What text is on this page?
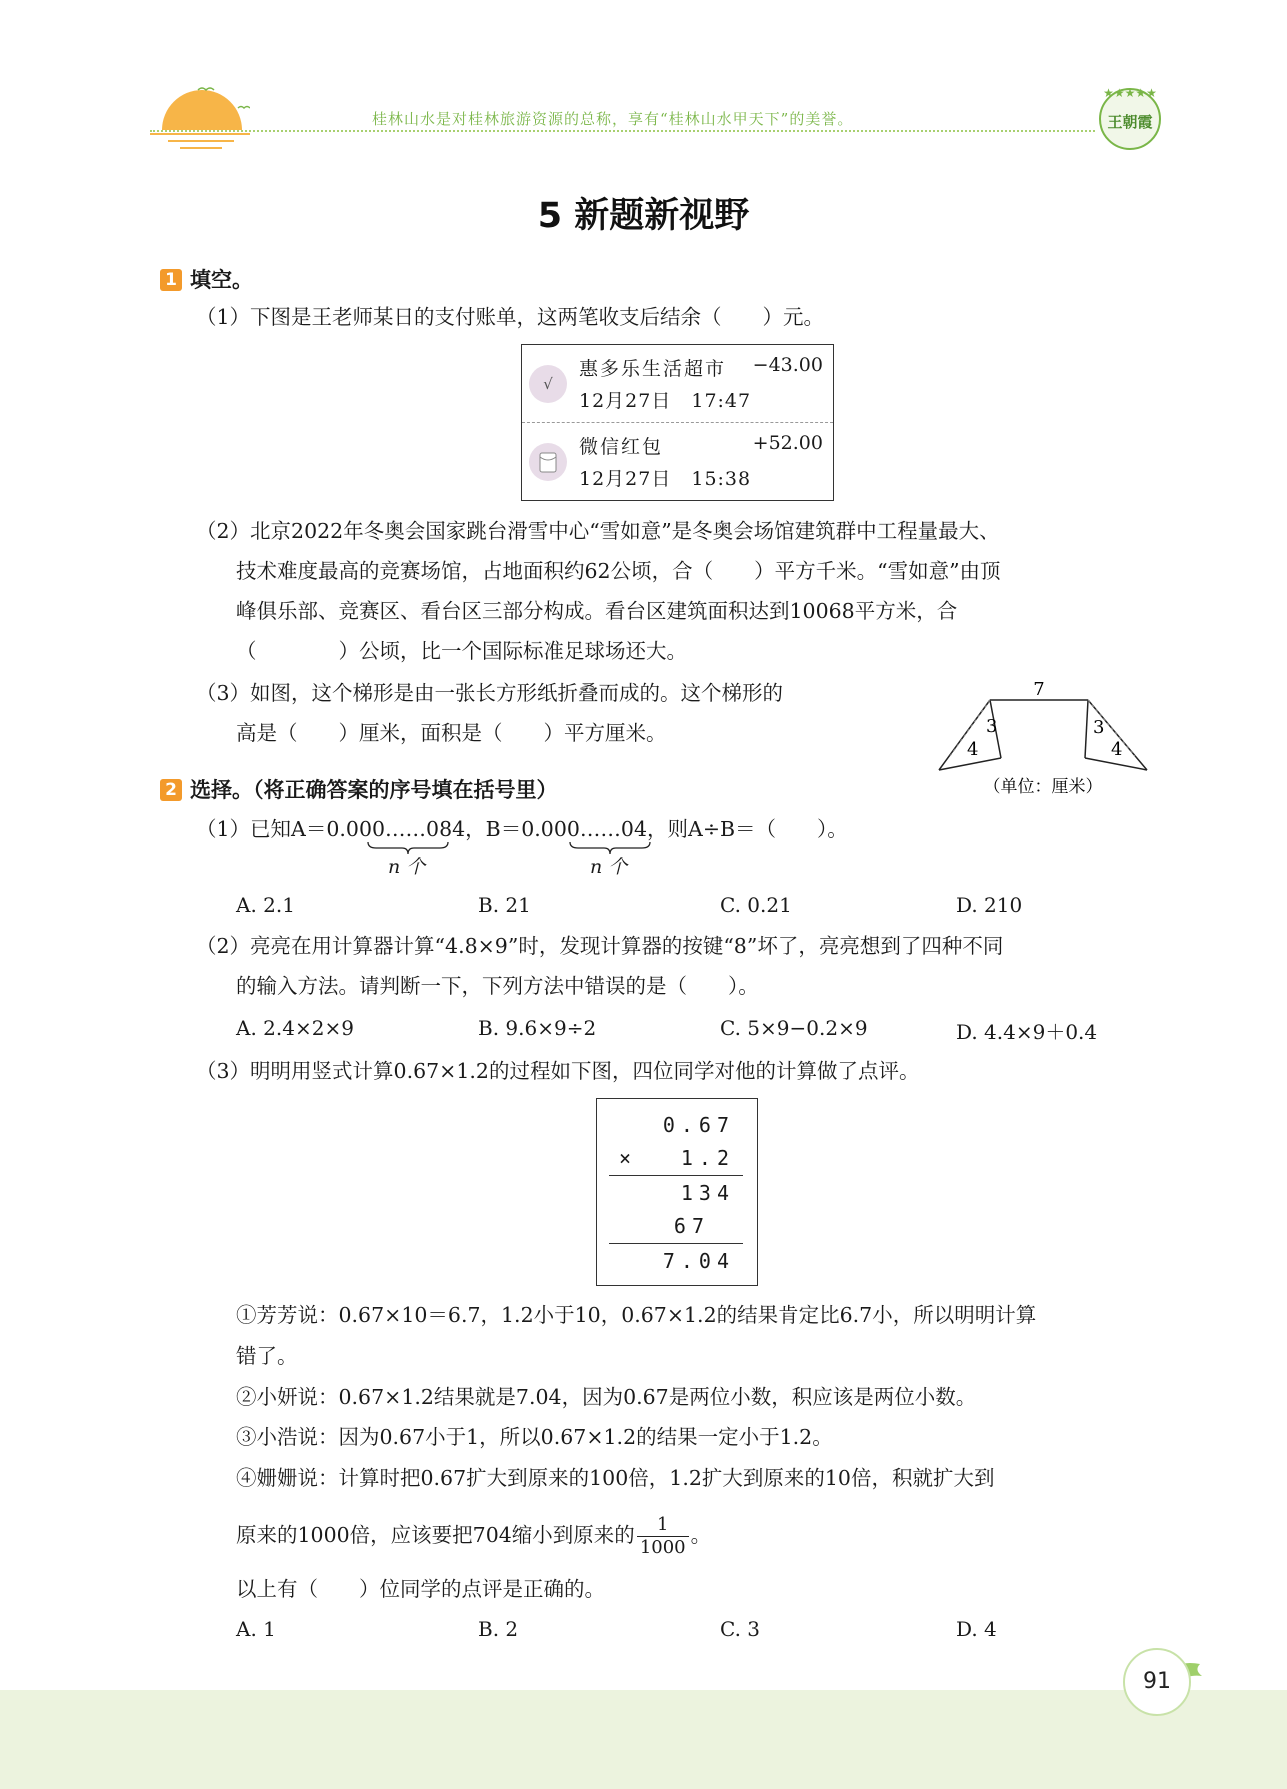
桂林山水是对桂林旅游资源的总称，享有“桂林山水甲天下”的美誉。
★★★★★
王朝霞
5 新题新视野
1 填空。
（1）下图是王老师某日的支付账单，这两笔收支后结余（　　）元。
√
惠多乐生活超市 −43.00
12月27日　17:47
微信红包	+52.00
12月27日　15:38
（2）北京2022年冬奥会国家跳台滑雪中心“雪如意”是冬奥会场馆建筑群中工程量最大、
技术难度最高的竞赛场馆，占地面积约62公顷，合（　　）平方千米。“雪如意”由顶
峰俱乐部、竞赛区、看台区三部分构成。看台区建筑面积达到10068平方米，合
（　　　　）公顷，比一个国际标准足球场还大。
（3）如图，这个梯形是由一张长方形纸折叠而成的。这个梯形的
高是（　　）厘米，面积是（　　）平方厘米。
7
3
4
3
4
（单位：厘米）
2 选择。（将正确答案的序号填在括号里）
（1）已知A＝0.000……084，B＝0.000……04，则A÷B＝（　　）。
n 个	n 个
A. 2.1	B. 21	C. 0.21	D. 210
（2）亮亮在用计算器计算“4.8×9”时，发现计算器的按键“8”坏了，亮亮想到了四种不同
的输入方法。请判断一下，下列方法中错误的是（　　）。
A. 2.4×2×9	B. 9.6×9÷2	C. 5×9−0.2×9	D. 4.4×9＋0.4
（3）明明用竖式计算0.67×1.2的过程如下图，四位同学对他的计算做了点评。
0.67
× 1.2
134
67
7.04
①芳芳说：0.67×10＝6.7，1.2小于10，0.67×1.2的结果肯定比6.7小，所以明明计算
错了。
②小妍说：0.67×1.2结果就是7.04，因为0.67是两位小数，积应该是两位小数。
③小浩说：因为0.67小于1，所以0.67×1.2的结果一定小于1.2。
④姗姗说：计算时把0.67扩大到原来的100倍，1.2扩大到原来的10倍，积就扩大到
原来的1000倍，应该要把704缩小到原来的 $\frac{1}{1000}$ 。
以上有（　　）位同学的点评是正确的。
A. 1	B. 2	C. 3	D. 4
91
